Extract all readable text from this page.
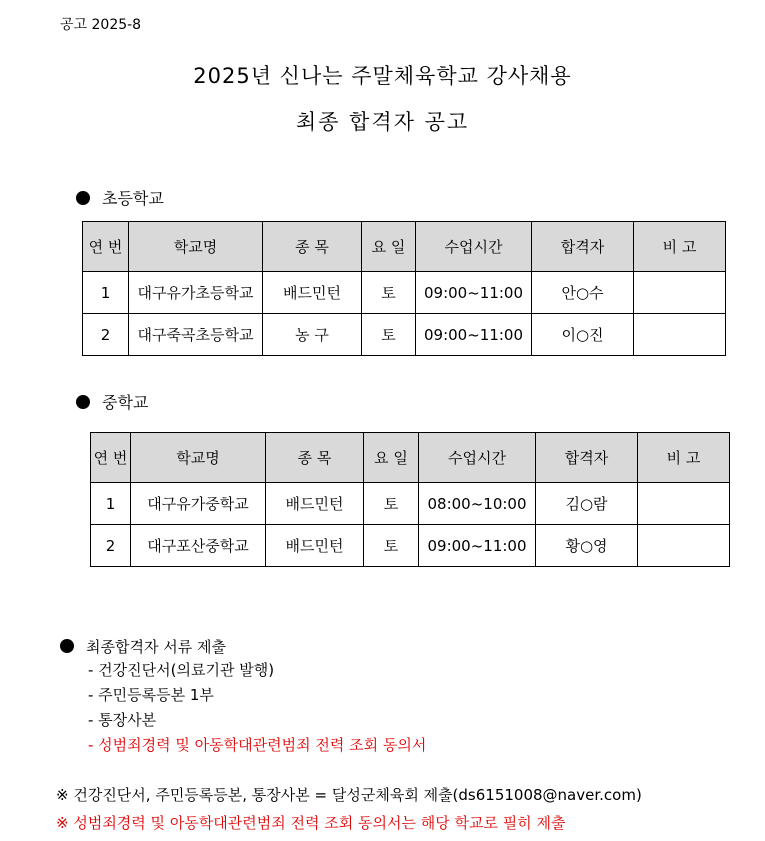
공고 2025-8
2025년 신나는 주말체육학교 강사채용
최종 합격자 공고
초등학교
연 번	학교명	종 목	요 일	수업시간	합격자	비 고
1	대구유가초등학교	배드민턴	토	09:00~11:00	안○수	
2	대구죽곡초등학교	농 구	토	09:00~11:00	이○진	
중학교
연 번	학교명	종 목	요 일	수업시간	합격자	비 고
1	대구유가중학교	배드민턴	토	08:00~10:00	김○람	
2	대구포산중학교	배드민턴	토	09:00~11:00	황○영	
최종합격자 서류 제출
- 건강진단서(의료기관 발행)
- 주민등록등본 1부
- 통장사본
- 성범죄경력 및 아동학대관련범죄 전력 조회 동의서
※ 건강진단서, 주민등록등본, 통장사본 = 달성군체육회 제출(ds6151008@naver.com)
※ 성범죄경력 및 아동학대관련범죄 전력 조회 동의서는 해당 학교로 필히 제출
